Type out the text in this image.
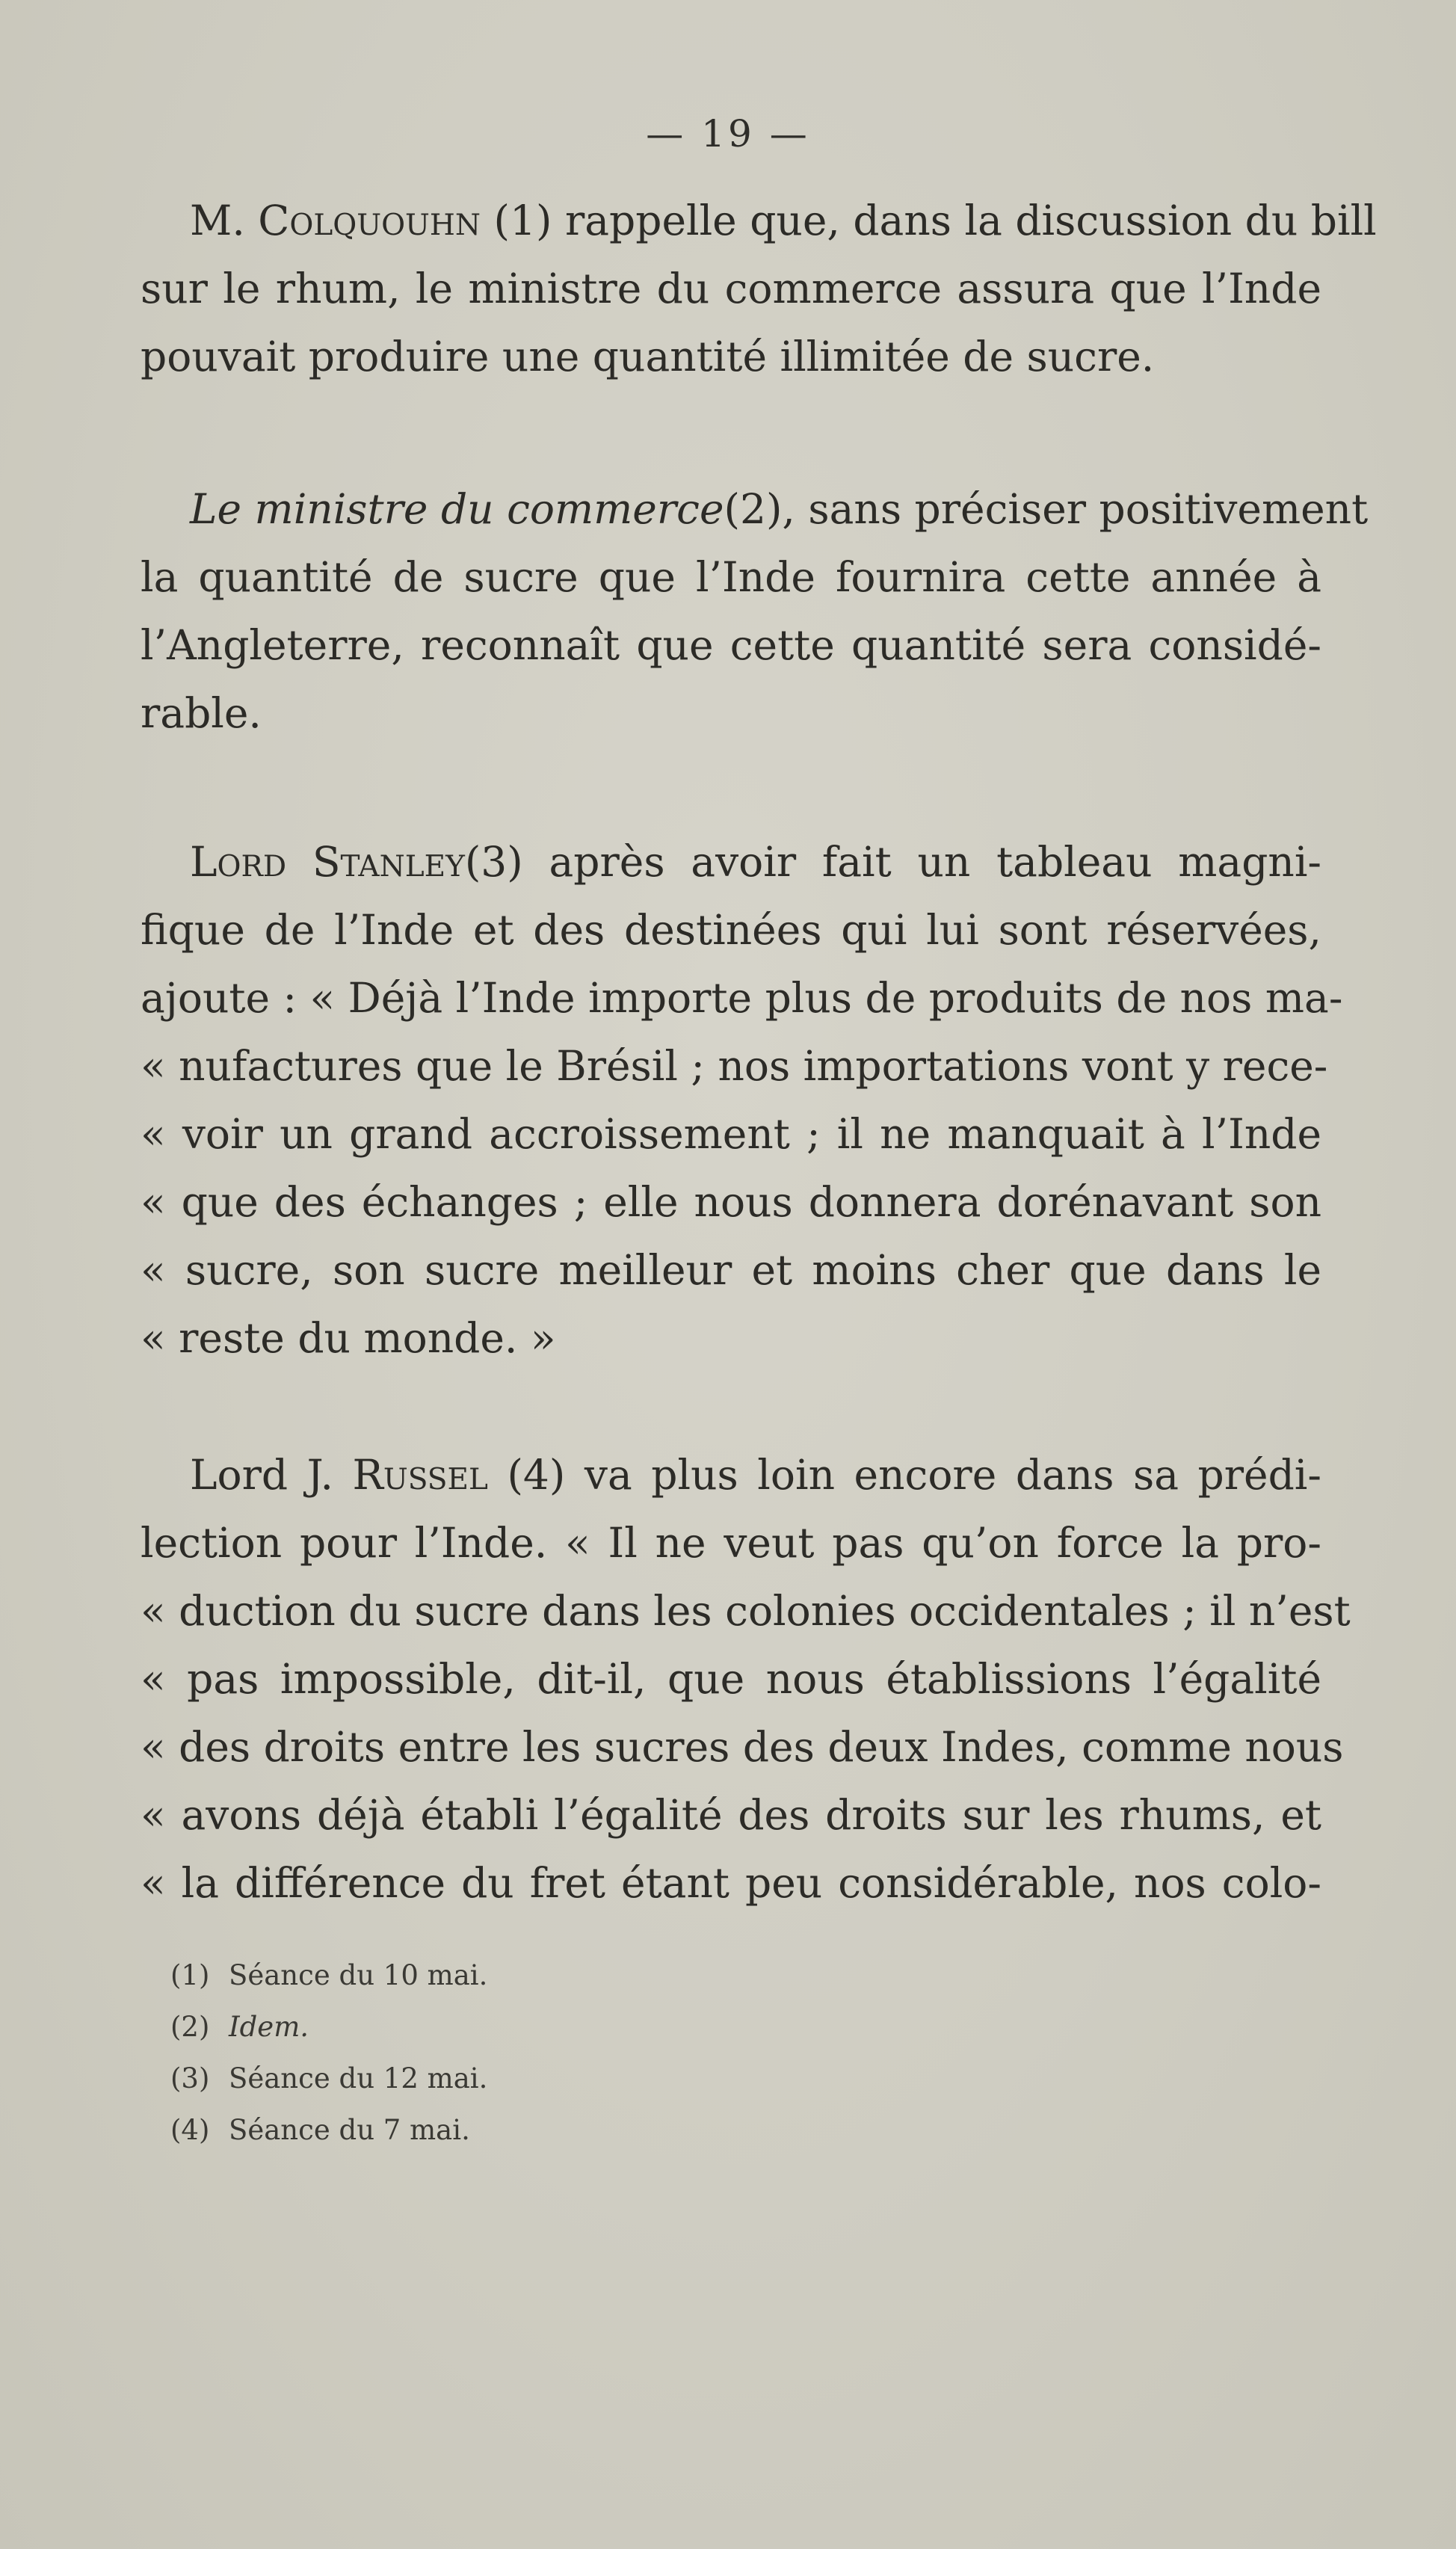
— 19 —
M. Colquouhn (1) rappelle que, dans la discussion du bill
sur le rhum, le ministre du commerce assura que l’Inde
pouvait produire une quantité illimitée de sucre.
Le ministre du commerce(2), sans préciser positivement
la quantité de sucre que l’Inde fournira cette année à
l’Angleterre, reconnaît que cette quantité sera considé-
rable.
Lord Stanley(3) après avoir fait un tableau magni-
fique de l’Inde et des destinées qui lui sont réservées,
ajoute : « Déjà l’Inde importe plus de produits de nos ma-
« nufactures que le Brésil ; nos importations vont y rece-
« voir un grand accroissement ; il ne manquait à l’Inde
« que des échanges ; elle nous donnera dorénavant son
« sucre, son sucre meilleur et moins cher que dans le
« reste du monde. »
Lord J. Russel (4) va plus loin encore dans sa prédi-
lection pour l’Inde. « Il ne veut pas qu’on force la pro-
« duction du sucre dans les colonies occidentales ; il n’est
« pas impossible, dit-il, que nous établissions l’égalité
« des droits entre les sucres des deux Indes, comme nous
« avons déjà établi l’égalité des droits sur les rhums, et
« la différence du fret étant peu considérable, nos colo-
(1) Séance du 10 mai.
(2) Idem.
(3) Séance du 12 mai.
(4) Séance du 7 mai.
